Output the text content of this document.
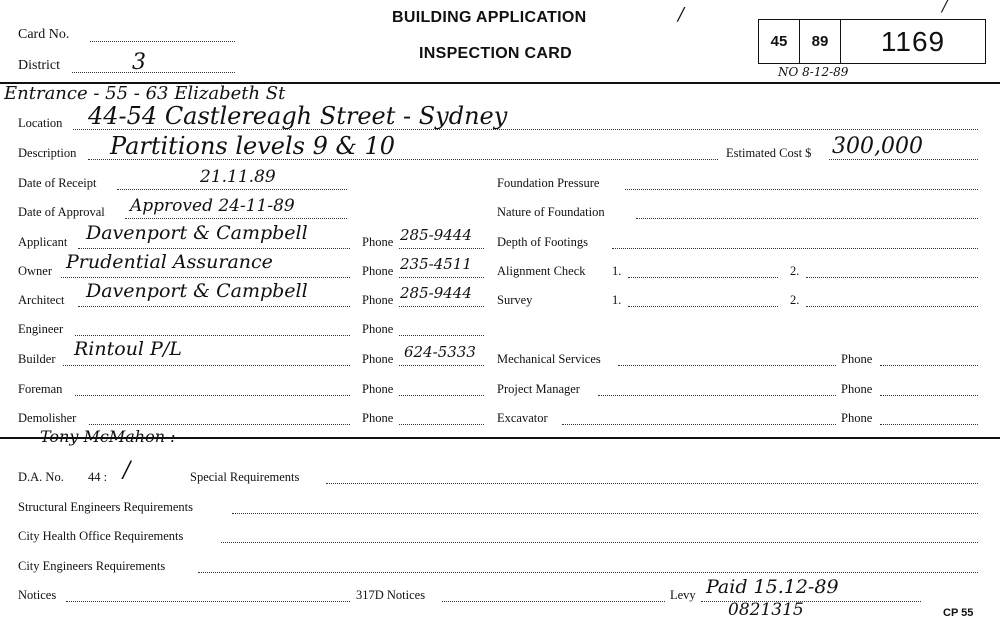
Card No.
District	3
BUILDING APPLICATION
INSPECTION CARD
/	/
45	89	1169
NO 8-12-89
Entrance - 55 - 63 Elizabeth St
Location 44-54 Castlereagh Street - Sydney
Description Partitions levels 9 & 10	Estimated Cost $ 300,000
Date of Receipt	21.11.89
Date of Approval Approved 24-11-89
Applicant Davenport & Campbell	Phone 285-9444
Owner Prudential Assurance	Phone 235-4511
Architect Davenport & Campbell	Phone 285-9444
Engineer	Phone
Builder Rintoul P/L	Phone 624-5333
Foreman	Phone
Demolisher	Phone
Foundation Pressure
Nature of Foundation
Depth of Footings
Alignment Check 1.	2.
Survey	1.	2.
Mechanical Services	Phone
Project Manager	Phone
Excavator	Phone
Tony McMahon :-
D.A. No. 44 : /	Special Requirements
Structural Engineers Requirements
City Health Office Requirements
City Engineers Requirements
Notices	317D Notices	Levy Paid 15.12-89
0821315	CP 55
